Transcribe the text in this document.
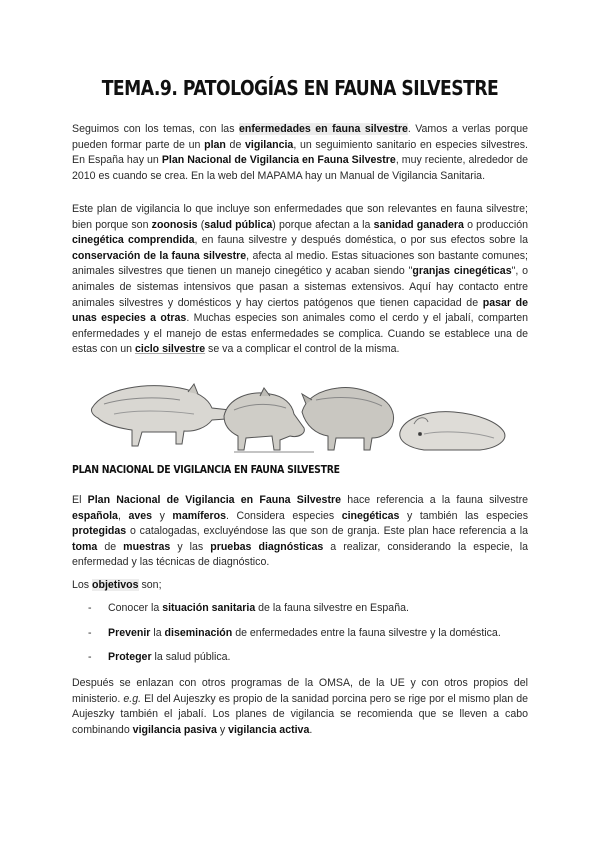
TEMA.9. PATOLOGÍAS EN FAUNA SILVESTRE

Seguimos con los temas, con las enfermedades en fauna silvestre. Vamos a verlas porque pueden formar parte de un plan de vigilancia, un seguimiento sanitario en especies silvestres. En España hay un Plan Nacional de Vigilancia en Fauna Silvestre, muy reciente, alrededor de 2010 es cuando se crea. En la web del MAPAMA hay un Manual de Vigilancia Sanitaria.

Este plan de vigilancia lo que incluye son enfermedades que son relevantes en fauna silvestre; bien porque son zoonosis (salud pública) porque afectan a la sanidad ganadera o producción cinegética comprendida, en fauna silvestre y después doméstica, o por sus efectos sobre la conservación de la fauna silvestre, afecta al medio. Estas situaciones son bastante comunes; animales silvestres que tienen un manejo cinegético y acaban siendo "granjas cinegéticas", o animales de sistemas intensivos que pasan a sistemas extensivos. Aquí hay contacto entre animales silvestres y domésticos y hay ciertos patógenos que tienen capacidad de pasar de unas especies a otras. Muchas especies son animales como el cerdo y el jabalí, comparten enfermedades y el manejo de estas enfermedades se complica. Cuando se establece una de estas con un ciclo silvestre se va a complicar el control de la misma.

PLAN NACIONAL DE VIGILANCIA EN FAUNA SILVESTRE

El Plan Nacional de Vigilancia en Fauna Silvestre hace referencia a la fauna silvestre española, aves y mamíferos. Considera especies cinegéticas y también las especies protegidas o catalogadas, excluyéndose las que son de granja. Este plan hace referencia a la toma de muestras y las pruebas diagnósticas a realizar, considerando la especie, la enfermedad y las técnicas de diagnóstico.

Los objetivos son;

- Conocer la situación sanitaria de la fauna silvestre en España.
- Prevenir la diseminación de enfermedades entre la fauna silvestre y la doméstica.
- Proteger la salud pública.

Después se enlazan con otros programas de la OMSA, de la UE y con otros propios del ministerio. e.g. El del Aujeszky es propio de la sanidad porcina pero se rige por el mismo plan de Aujeszky también el jabalí. Los planes de vigilancia se recomienda que se lleven a cabo combinando vigilancia pasiva y vigilancia activa.
